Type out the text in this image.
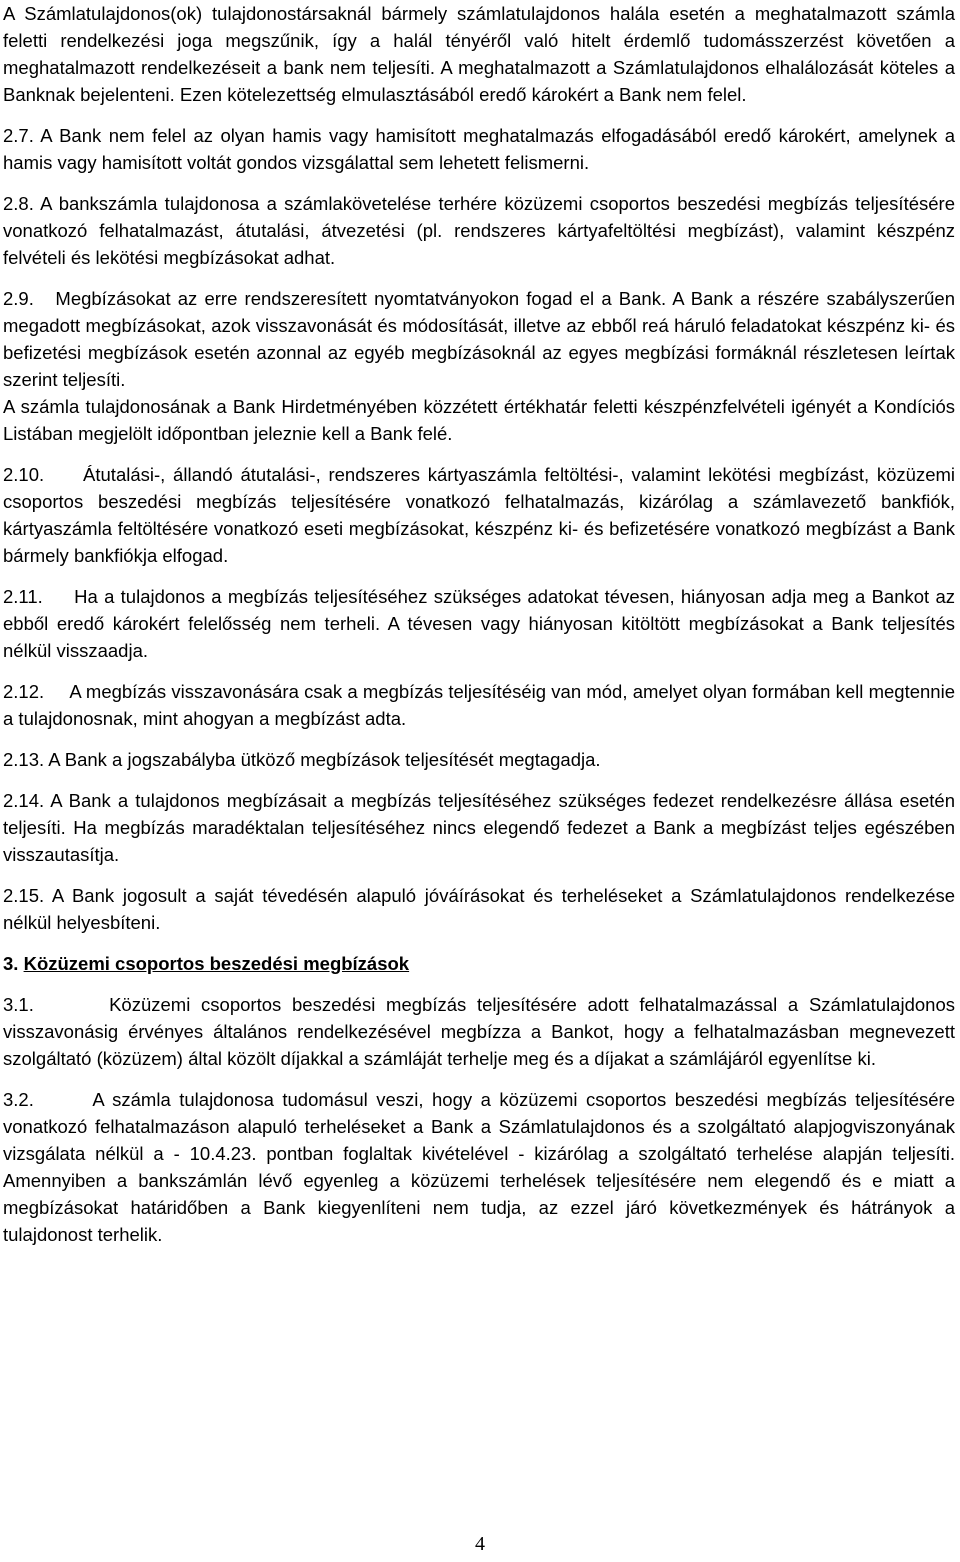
A Számlatulajdonos(ok) tulajdonostársaknál bármely számlatulajdonos halála esetén a meghatalmazott számla feletti rendelkezési joga megszűnik, így a halál tényéről való hitelt érdemlő tudomásszerzést követően a meghatalmazott rendelkezéseit a bank nem teljesíti. A meghatalmazott a Számlatulajdonos elhalálozását köteles a Banknak bejelenteni. Ezen kötelezettség elmulasztásából eredő károkért a Bank nem felel.

2.7. A Bank nem felel az olyan hamis vagy hamisított meghatalmazás elfogadásából eredő károkért, amelynek a hamis vagy hamisított voltát gondos vizsgálattal sem lehetett felismerni.

2.8. A bankszámla tulajdonosa a számlakövetelése terhére közüzemi csoportos beszedési megbízás teljesítésére vonatkozó felhatalmazást, átutalási, átvezetési (pl. rendszeres kártyafeltöltési megbízást), valamint készpénz felvételi és lekötési megbízásokat adhat.

2.9. Megbízásokat az erre rendszeresített nyomtatványokon fogad el a Bank. A Bank a részére szabályszerűen megadott megbízásokat, azok visszavonását és módosítását, illetve az ebből reá háruló feladatokat készpénz ki- és befizetési megbízások esetén azonnal az egyéb megbízásoknál az egyes megbízási formáknál részletesen leírtak szerint teljesíti.

A számla tulajdonosának a Bank Hirdetményében közzétett értékhatár feletti készpénzfelvételi igényét a Kondíciós Listában megjelölt időpontban jeleznie kell a Bank felé.

2.10. Átutalási-, állandó átutalási-, rendszeres kártyaszámla feltöltési-, valamint lekötési megbízást, közüzemi csoportos beszedési megbízás teljesítésére vonatkozó felhatalmazás, kizárólag a számlavezető bankfiók, kártyaszámla feltöltésére vonatkozó eseti megbízásokat, készpénz ki- és befizetésére vonatkozó megbízást a Bank bármely bankfiókja elfogad.

2.11. Ha a tulajdonos a megbízás teljesítéséhez szükséges adatokat tévesen, hiányosan adja meg a Bankot az ebből eredő károkért felelősség nem terheli. A tévesen vagy hiányosan kitöltött megbízásokat a Bank teljesítés nélkül visszaadja.

2.12. A megbízás visszavonására csak a megbízás teljesítéséig van mód, amelyet olyan formában kell megtennie a tulajdonosnak, mint ahogyan a megbízást adta.

2.13. A Bank a jogszabályba ütköző megbízások teljesítését megtagadja.

2.14. A Bank a tulajdonos megbízásait a megbízás teljesítéséhez szükséges fedezet rendelkezésre állása esetén teljesíti. Ha megbízás maradéktalan teljesítéséhez nincs elegendő fedezet a Bank a megbízást teljes egészében visszautasítja.

2.15. A Bank jogosult a saját tévedésén alapuló jóváírásokat és terheléseket a Számlatulajdonos rendelkezése nélkül helyesbíteni.

3. Közüzemi csoportos beszedési megbízások

3.1.	Közüzemi csoportos beszedési megbízás teljesítésére adott felhatalmazással a Számlatulajdonos visszavonásig érvényes általános rendelkezésével megbízza a Bankot, hogy a felhatalmazásban megnevezett szolgáltató (közüzem) által közölt díjakkal a számláját terhelje meg és a díjakat a számlájáról egyenlítse ki.

3.2.	A számla tulajdonosa tudomásul veszi, hogy a közüzemi csoportos beszedési megbízás teljesítésére vonatkozó felhatalmazáson alapuló terheléseket a Bank a Számlatulajdonos és a szolgáltató alapjogviszonyának vizsgálata nélkül a - 10.4.23. pontban foglaltak kivételével - kizárólag a szolgáltató terhelése alapján teljesíti. Amennyiben a bankszámlán lévő egyenleg a közüzemi terhelések teljesítésére nem elegendő és e miatt a megbízásokat határidőben a Bank kiegyenlíteni nem tudja, az ezzel járó következmények és hátrányok a tulajdonost terhelik.

4
